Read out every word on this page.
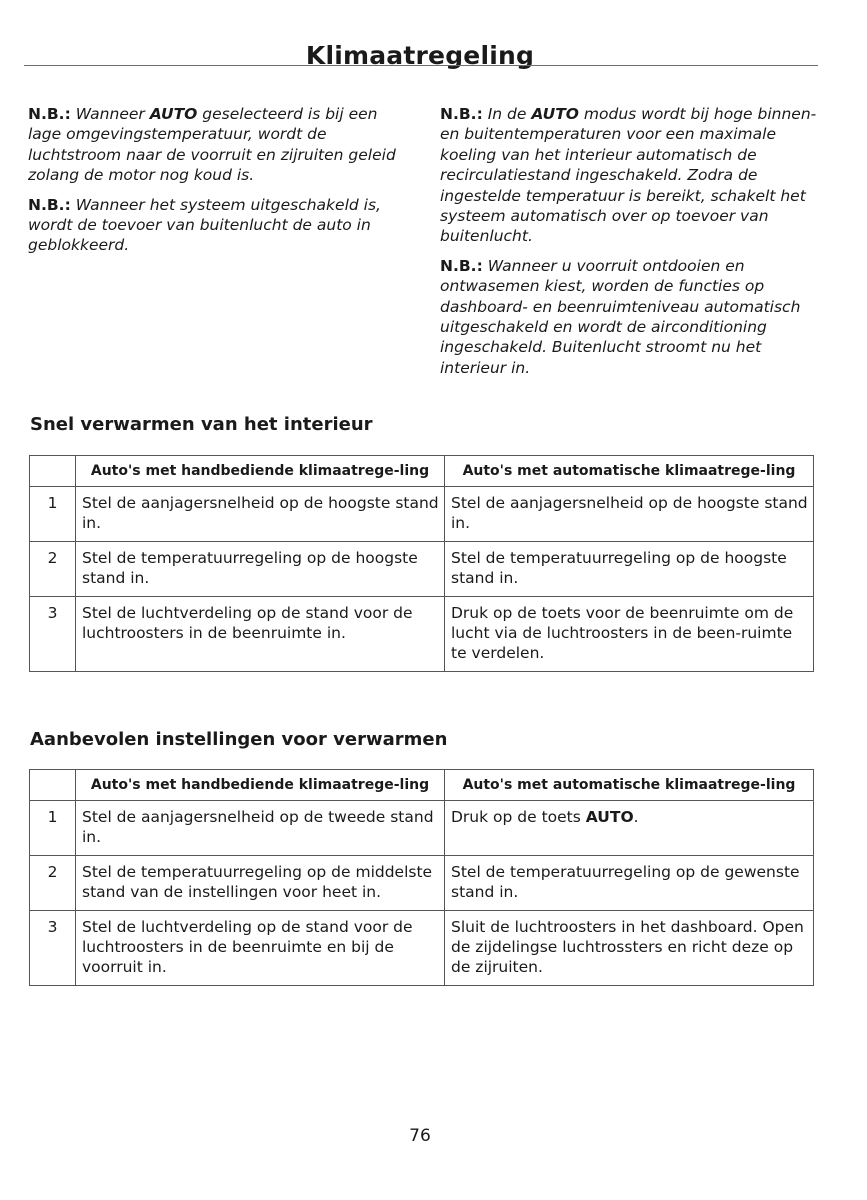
Klimaatregeling

N.B.: Wanneer AUTO geselecteerd is bij een lage omgevingstemperatuur, wordt de luchtstroom naar de voorruit en zijruiten geleid zolang de motor nog koud is.

N.B.: Wanneer het systeem uitgeschakeld is, wordt de toevoer van buitenlucht de auto in geblokkeerd.

N.B.: In de AUTO modus wordt bij hoge binnen- en buitentemperaturen voor een maximale koeling van het interieur automatisch de recirculatiestand ingeschakeld. Zodra de ingestelde temperatuur is bereikt, schakelt het systeem automatisch over op toevoer van buitenlucht.

N.B.: Wanneer u voorruit ontdooien en ontwasemen kiest, worden de functies op dashboard- en beenruimteniveau automatisch uitgeschakeld en wordt de airconditioning ingeschakeld. Buitenlucht stroomt nu het interieur in.

Snel verwarmen van het interieur
	Auto's met handbediende klimaatrege-ling	Auto's met automatische klimaatrege-ling
1	Stel de aanjagersnelheid op de hoogste stand in.	Stel de aanjagersnelheid op de hoogste stand in.
2	Stel de temperatuurregeling op de hoogste stand in.	Stel de temperatuurregeling op de hoogste stand in.
3	Stel de luchtverdeling op de stand voor de luchtroosters in de beenruimte in.	Druk op de toets voor de beenruimte om de lucht via de luchtroosters in de been-ruimte te verdelen.
Aanbevolen instellingen voor verwarmen
	Auto's met handbediende klimaatrege-ling	Auto's met automatische klimaatrege-ling
1	Stel de aanjagersnelheid op de tweede stand in.	Druk op de toets AUTO.
2	Stel de temperatuurregeling op de middelste stand van de instellingen voor heet in.	Stel de temperatuurregeling op de gewenste stand in.
3	Stel de luchtverdeling op de stand voor de luchtroosters in de beenruimte en bij de voorruit in.	Sluit de luchtroosters in het dashboard. Open de zijdelingse luchtrossters en richt deze op de zijruiten.
76
